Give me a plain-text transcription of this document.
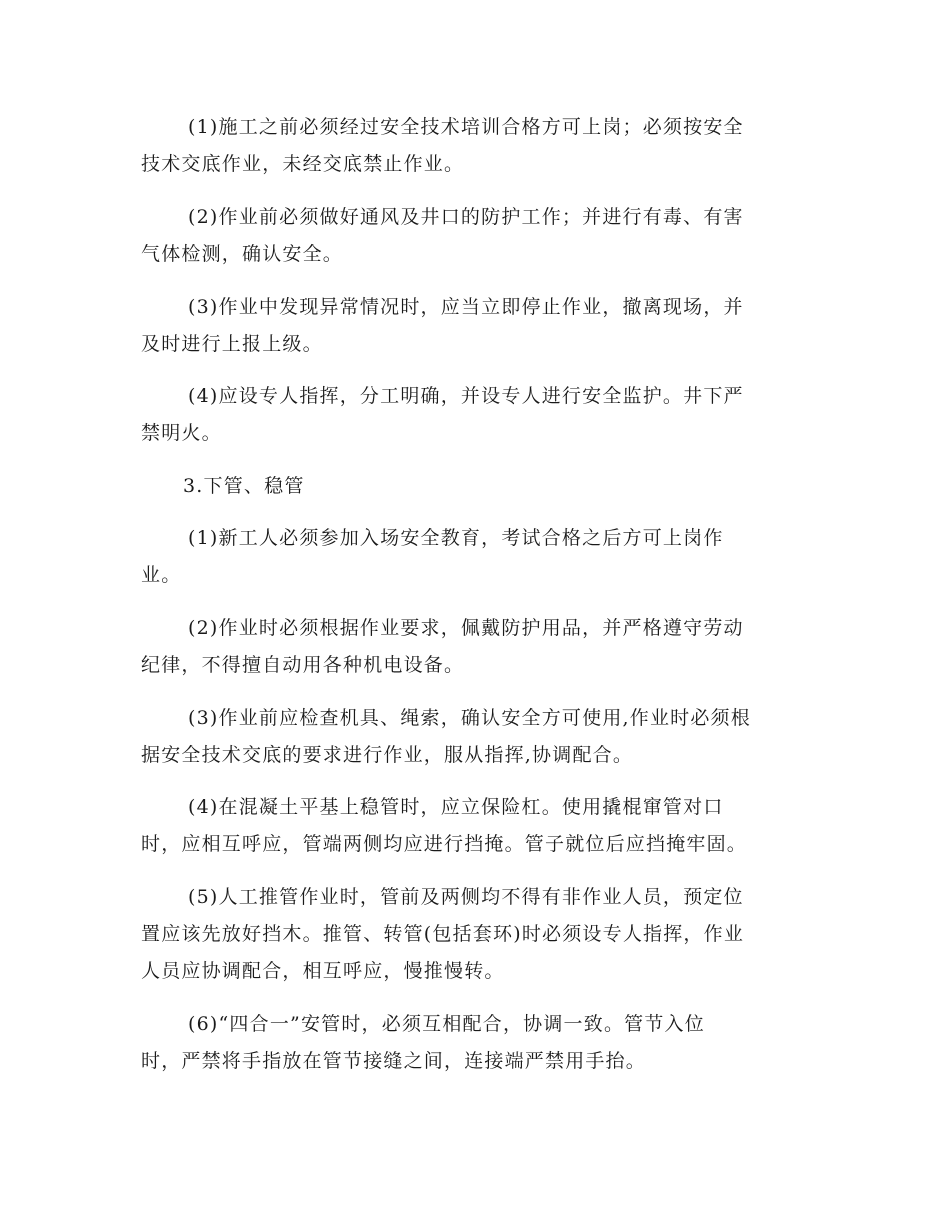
(1)施工之前必须经过安全技术培训合格方可上岗；必须按安全
技术交底作业，未经交底禁止作业。
(2)作业前必须做好通风及井口的防护工作；并进行有毒、有害
气体检测，确认安全。
(3)作业中发现异常情况时，应当立即停止作业，撤离现场，并
及时进行上报上级。
(4)应设专人指挥，分工明确，并设专人进行安全监护。井下严
禁明火。
3.下管、稳管
(1)新工人必须参加入场安全教育，考试合格之后方可上岗作
业。
(2)作业时必须根据作业要求，佩戴防护用品，并严格遵守劳动
纪律，不得擅自动用各种机电设备。
(3)作业前应检查机具、绳索，确认安全方可使用,作业时必须根
据安全技术交底的要求进行作业，服从指挥,协调配合。
(4)在混凝土平基上稳管时，应立保险杠。使用撬棍窜管对口
时，应相互呼应，管端两侧均应进行挡掩。管子就位后应挡掩牢固。
(5)人工推管作业时，管前及两侧均不得有非作业人员，预定位
置应该先放好挡木。推管、转管(包括套环)时必须设专人指挥，作业
人员应协调配合，相互呼应，慢推慢转。
(6)“四合一”安管时，必须互相配合，协调一致。管节入位
时，严禁将手指放在管节接缝之间，连接端严禁用手抬。
